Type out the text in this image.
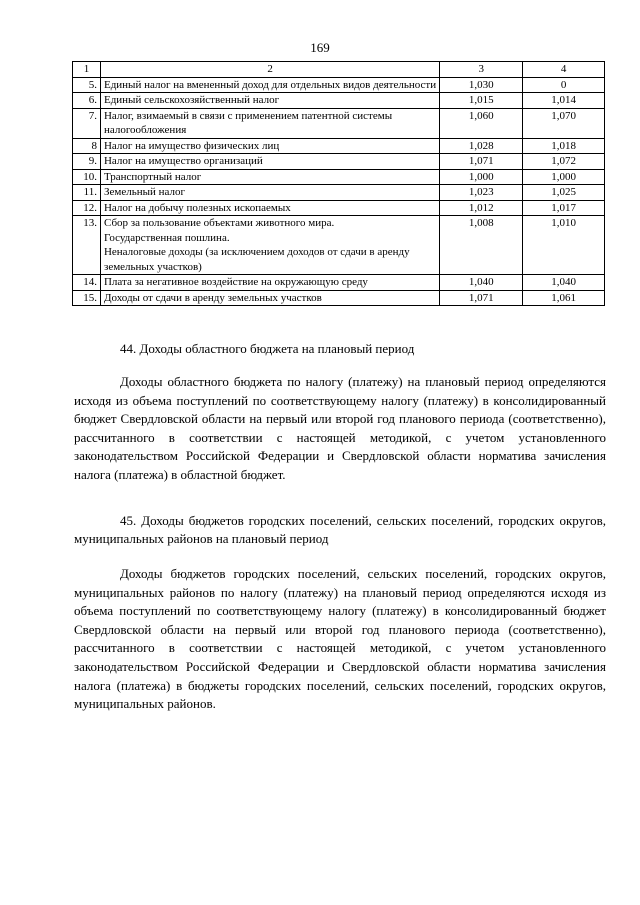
169
1	2	3	4
5.	Единый налог на вмененный доход для отдельных видов деятельности	1,030	0
6.	Единый сельскохозяйственный налог	1,015	1,014
7.	Налог, взимаемый в связи с применением патентной системы налогообложения	1,060	1,070
8	Налог на имущество физических лиц	1,028	1,018
9.	Налог на имущество организаций	1,071	1,072
10.	Транспортный налог	1,000	1,000
11.	Земельный налог	1,023	1,025
12.	Налог на добычу полезных ископаемых	1,012	1,017
13.	Сбор за пользование объектами животного мира.
Государственная пошлина.
Неналоговые доходы (за исключением доходов от сдачи в аренду земельных участков)	1,008	1,010
14.	Плата за негативное воздействие на окружающую среду	1,040	1,040
15.	Доходы от сдачи в аренду земельных участков	1,071	1,061
44. Доходы областного бюджета на плановый период
Доходы областного бюджета по налогу (платежу) на плановый период определяются исходя из объема поступлений по соответствующему налогу (платежу) в консолидированный бюджет Свердловской области на первый или второй год планового периода (соответственно), рассчитанного в соответствии с настоящей методикой, с учетом установленного законодательством Российской Федерации и Свердловской области норматива зачисления налога (платежа) в областной бюджет.
45. Доходы бюджетов городских поселений, сельских поселений, городских округов, муниципальных районов на плановый период
Доходы бюджетов городских поселений, сельских поселений, городских округов, муниципальных районов по налогу (платежу) на плановый период определяются исходя из объема поступлений по соответствующему налогу (платежу) в консолидированный бюджет Свердловской области на первый или второй год планового периода (соответственно), рассчитанного в соответствии с настоящей методикой, с учетом установленного законодательством Российской Федерации и Свердловской области норматива зачисления налога (платежа) в бюджеты городских поселений, сельских поселений, городских округов, муниципальных районов.
